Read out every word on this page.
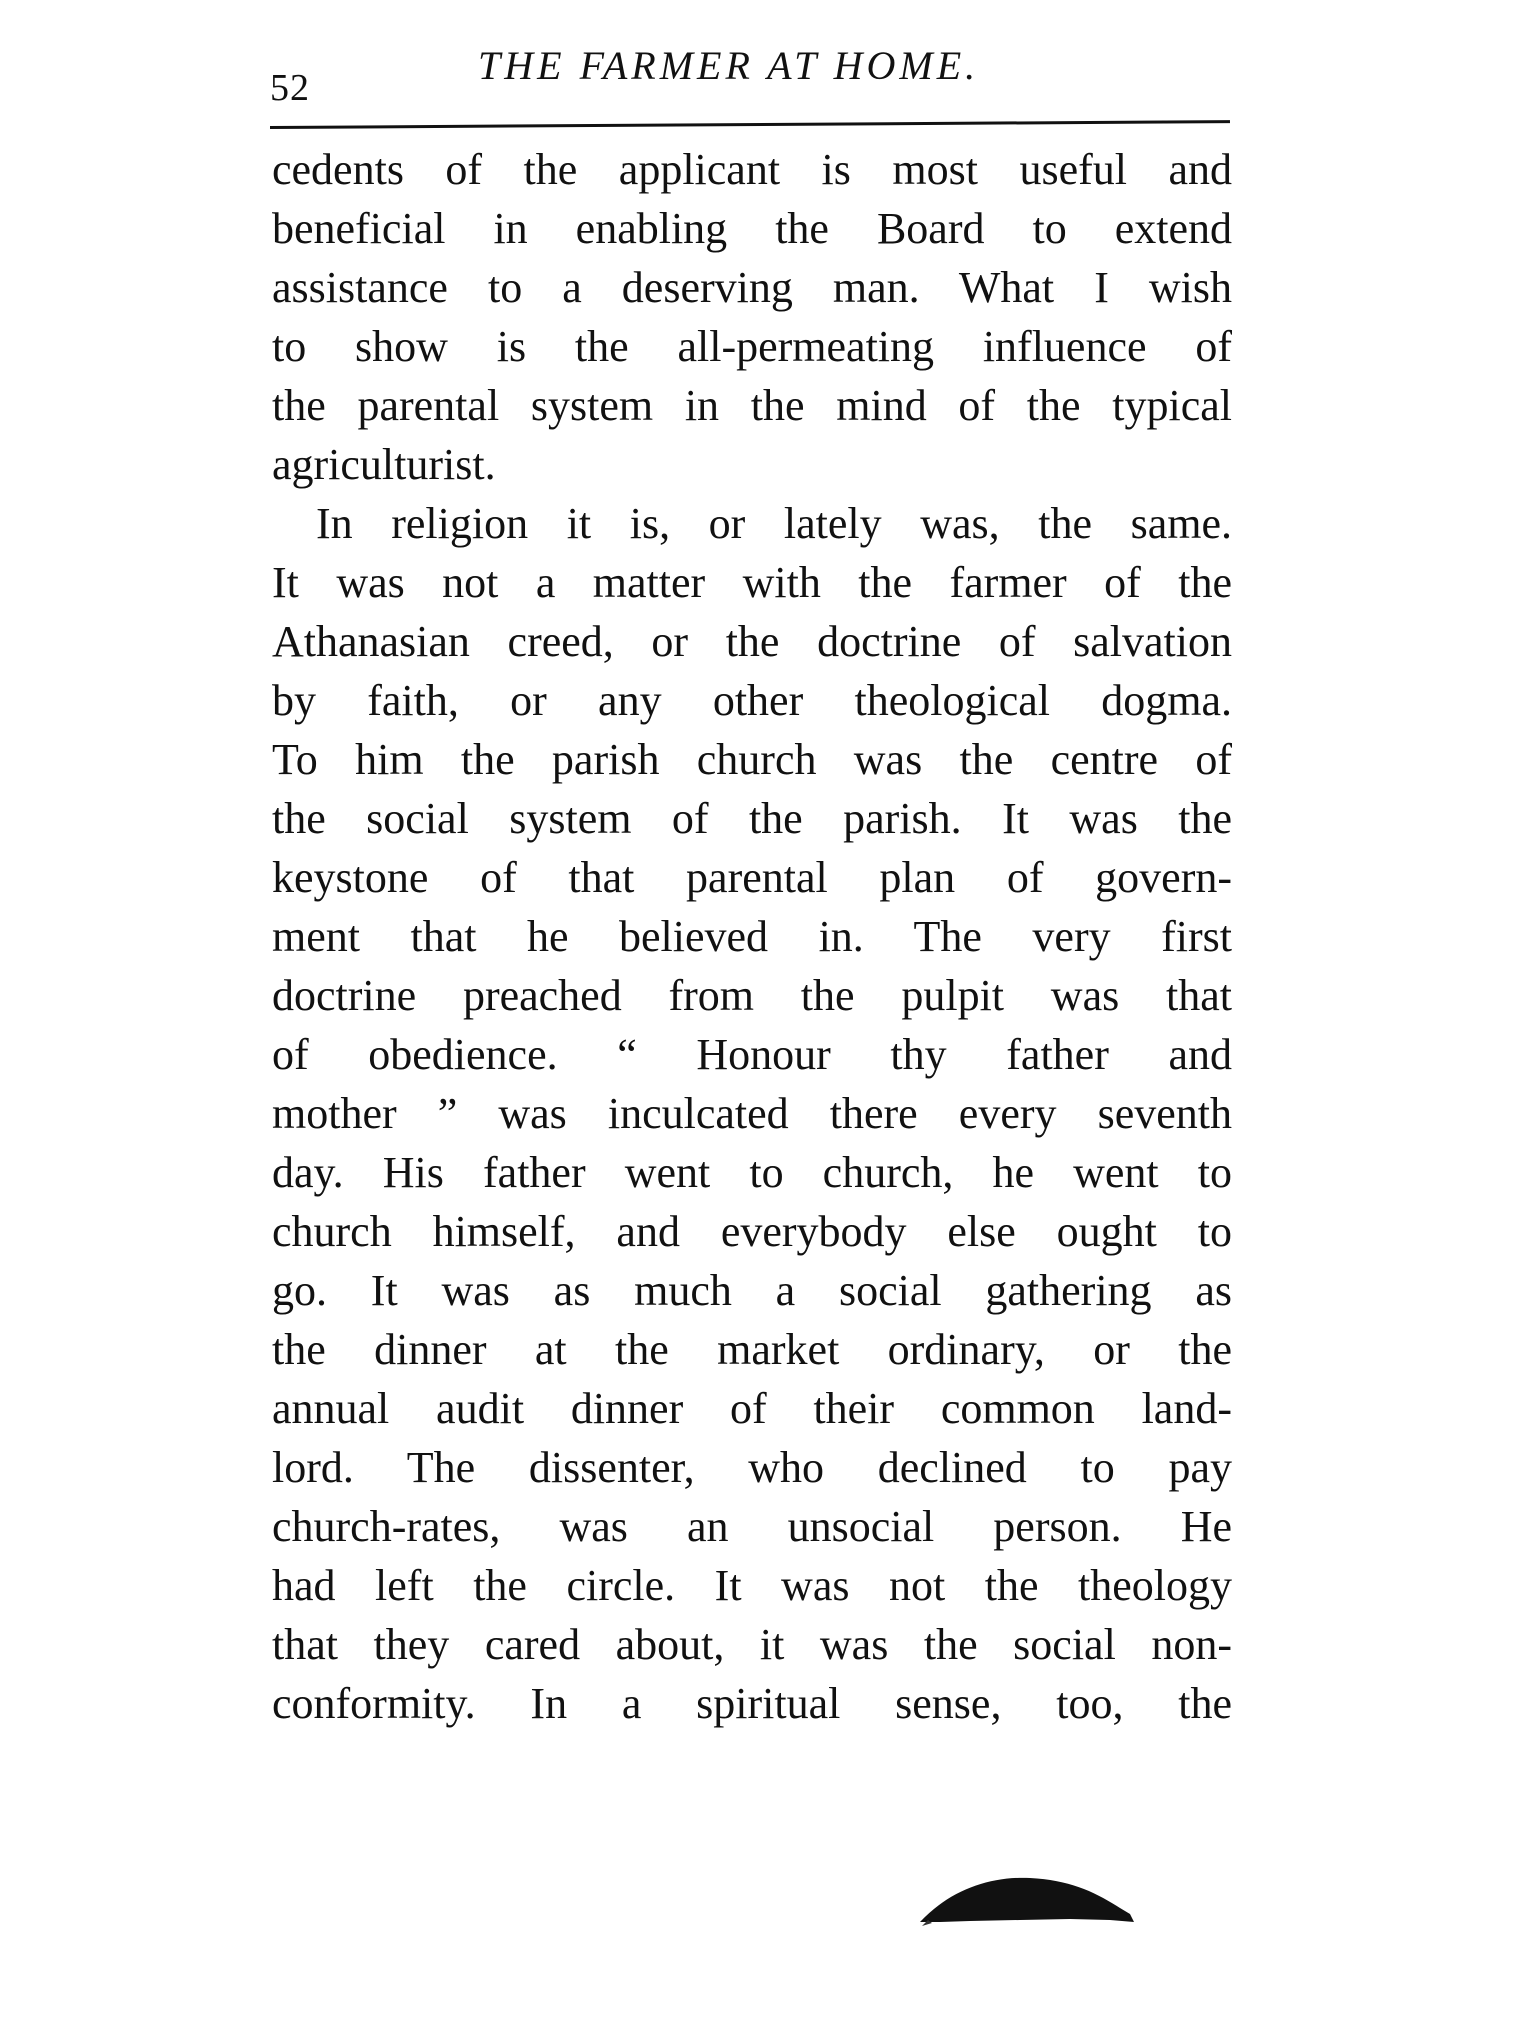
52	THE FARMER AT HOME.
cedents of the applicant is most useful and
beneficial in enabling the Board to extend
assistance to a deserving man. What I wish
to show is the all-permeating influence of
the parental system in the mind of the typical
agriculturist.
In religion it is, or lately was, the same.
It was not a matter with the farmer of the
Athanasian creed, or the doctrine of salvation
by faith, or any other theological dogma.
To him the parish church was the centre of
the social system of the parish. It was the
keystone of that parental plan of govern-
ment that he believed in. The very first
doctrine preached from the pulpit was that
of obedience. “ Honour thy father and
mother ” was inculcated there every seventh
day. His father went to church, he went to
church himself, and everybody else ought to
go. It was as much a social gathering as
the dinner at the market ordinary, or the
annual audit dinner of their common land-
lord. The dissenter, who declined to pay
church-rates, was an unsocial person. He
had left the circle. It was not the theology
that they cared about, it was the social non-
conformity. In a spiritual sense, too, the
